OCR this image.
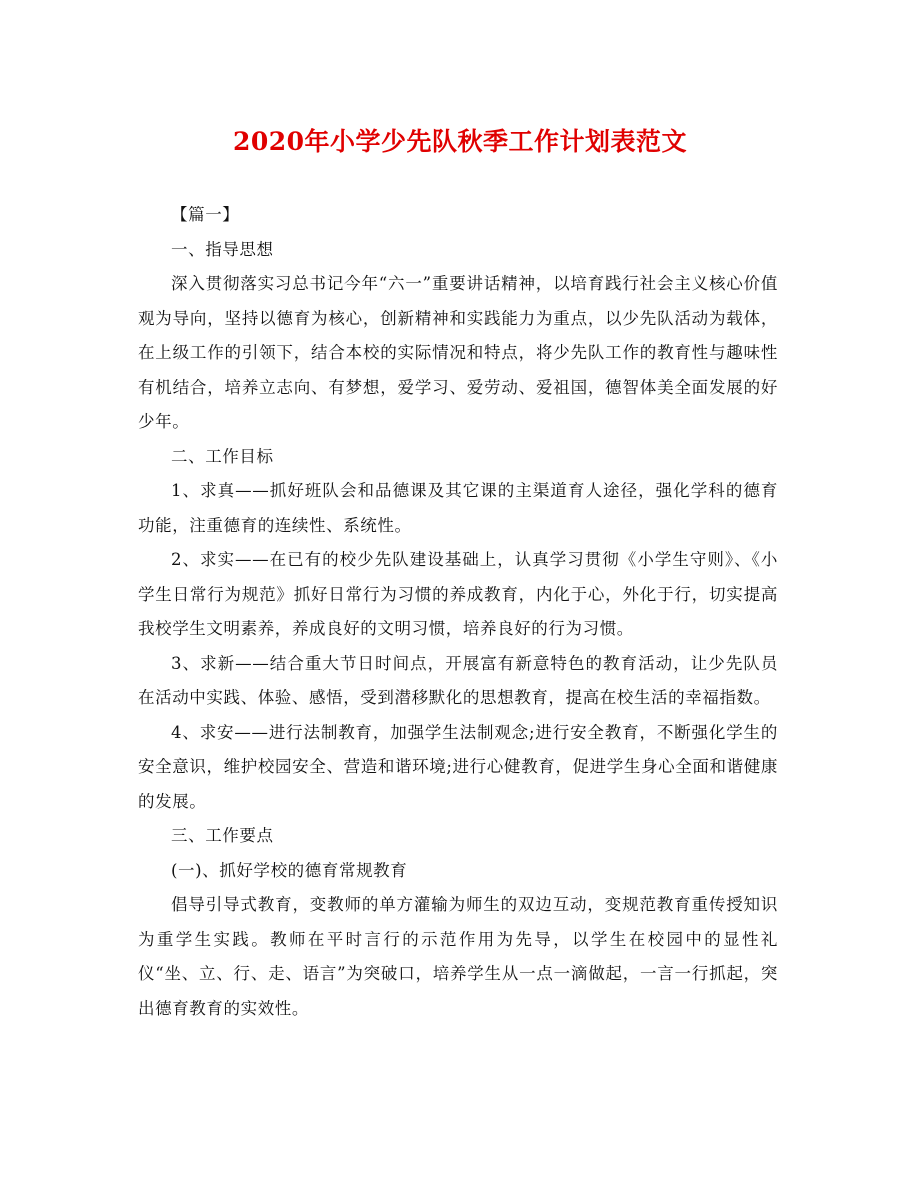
2020年小学少先队秋季工作计划表范文

【篇一】

一、指导思想

深入贯彻落实习总书记今年“六一”重要讲话精神，以培育践行社会主义核心价值观为导向，坚持以德育为核心，创新精神和实践能力为重点，以少先队活动为载体，在上级工作的引领下，结合本校的实际情况和特点，将少先队工作的教育性与趣味性有机结合，培养立志向、有梦想，爱学习、爱劳动、爱祖国，德智体美全面发展的好少年。

二、工作目标

1、求真——抓好班队会和品德课及其它课的主渠道育人途径，强化学科的德育功能，注重德育的连续性、系统性。

2、求实——在已有的校少先队建设基础上，认真学习贯彻《小学生守则》、《小学生日常行为规范》抓好日常行为习惯的养成教育，内化于心，外化于行，切实提高我校学生文明素养，养成良好的文明习惯，培养良好的行为习惯。

3、求新——结合重大节日时间点，开展富有新意特色的教育活动，让少先队员在活动中实践、体验、感悟，受到潜移默化的思想教育，提高在校生活的幸福指数。

4、求安——进行法制教育，加强学生法制观念;进行安全教育，不断强化学生的安全意识，维护校园安全、营造和谐环境;进行心健教育，促进学生身心全面和谐健康的发展。

三、工作要点

(一)、抓好学校的德育常规教育

倡导引导式教育，变教师的单方灌输为师生的双边互动，变规范教育重传授知识为重学生实践。教师在平时言行的示范作用为先导，以学生在校园中的显性礼仪“坐、立、行、走、语言”为突破口，培养学生从一点一滴做起，一言一行抓起，突出德育教育的实效性。
